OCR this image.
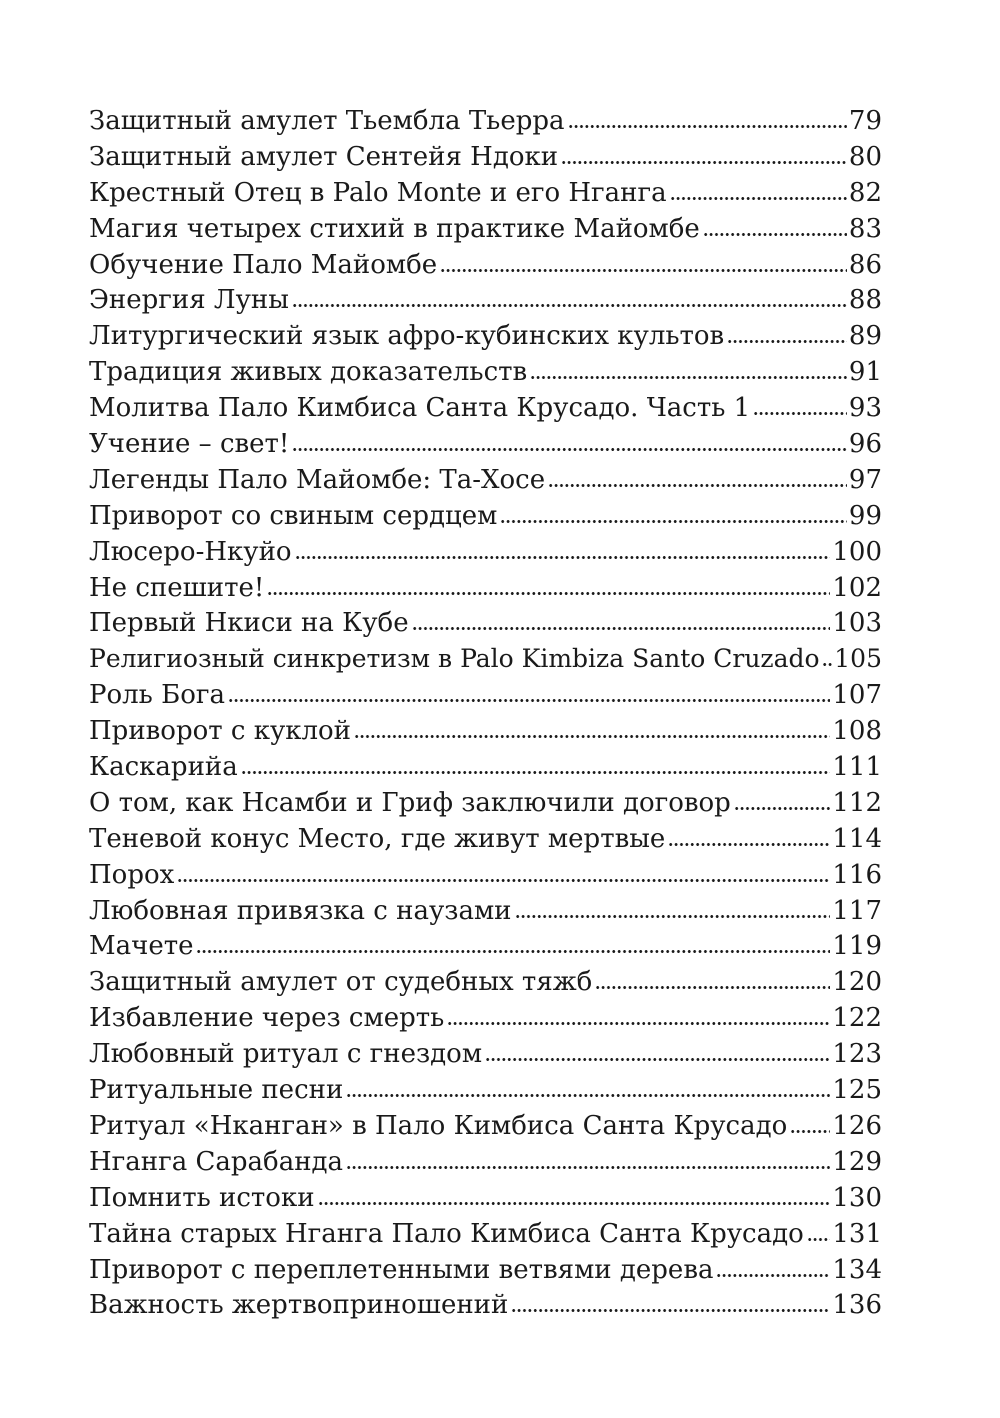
Защитный амулет Тьембла Тьерра	79
Защитный амулет Сентейя Ндоки	80
Крестный Отец в Palo Monte и его Нганга	82
Магия четырех стихий в практике Майомбе	83
Обучение Пало Майомбе	86
Энергия Луны	88
Литургический язык афро-кубинских культов	89
Традиция живых доказательств	91
Молитва Пало Кимбиса Санта Крусадо. Часть 1	93
Учение – свет!	96
Легенды Пало Майомбе: Та-Хосе	97
Приворот со свиным сердцем	99
Люсеро-Нкуйо	100
Не спешите!	102
Первый Нкиси на Кубе	103
Религиозный синкретизм в Palo Kimbiza Santo Cruzado 105
Роль Бога	107
Приворот с куклой	108
Каскарийа	111
О том, как Нсамби и Гриф заключили договор	112
Теневой конус Место, где живут мертвые	114
Порох	116
Любовная привязка с наузами	117
Мачете	119
Защитный амулет от судебных тяжб	120
Избавление через смерть	122
Любовный ритуал с гнездом	123
Ритуальные песни	125
Ритуал «Нканган» в Пало Кимбиса Санта Крусадо 126
Нганга Сарабанда	129
Помнить истоки	130
Тайна старых Нганга Пало Кимбиса Санта Крусадо 131
Приворот с переплетенными ветвями дерева	134
Важность жертвоприношений	136
